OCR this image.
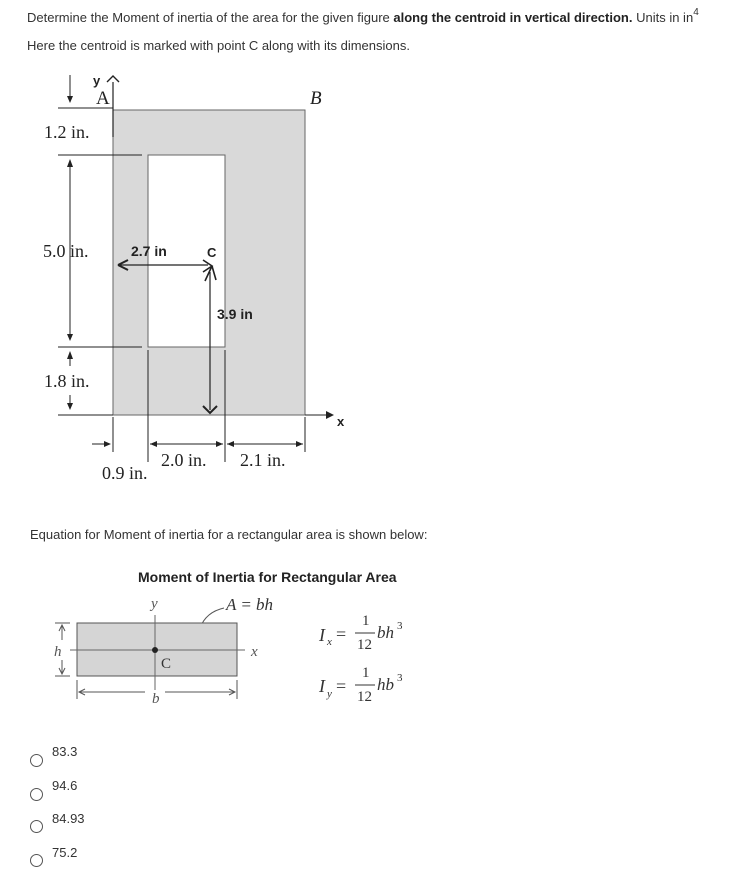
Determine the Moment of inertia of the area for the given figure along the centroid in vertical direction. Units in $in^4$
Here the centroid is marked with point C along with its dimensions.
y
A	B
1.2 in.
5.0 in.
1.8 in.
2.7 in	C
3.9 in
x
2.0 in. 2.1 in.
0.9 in.
Equation for Moment of inertia for a rectangular area is shown below:
Moment of Inertia for Rectangular Area
y	A = bh
C
x
h
b
I x =
1
12
bh 3
I y =
1
12
hb 3
83.3
94.6
84.93
75.2
